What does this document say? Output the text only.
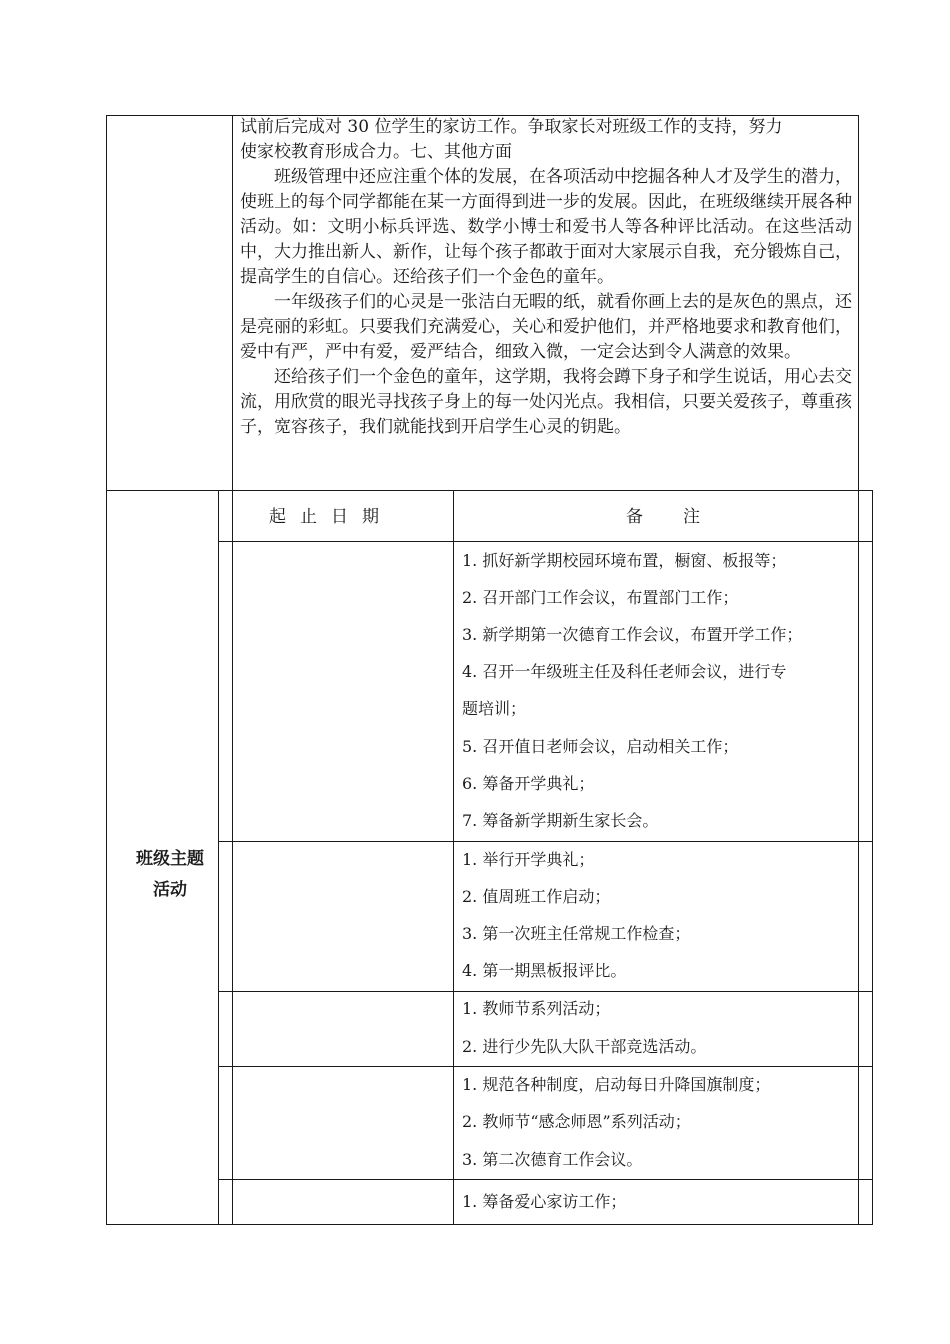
试前后完成对 30 位学生的家访工作。争取家长对班级工作的支持，努力
使家校教育形成合力。七、其他方面

班级管理中还应注重个体的发展，在各项活动中挖掘各种人才及学生的潜力，使班上的每个同学都能在某一方面得到进一步的发展。因此，在班级继续开展各种活动。如：文明小标兵评选、数学小博士和爱书人等各种评比活动。在这些活动中，大力推出新人、新作，让每个孩子都敢于面对大家展示自我，充分锻炼自己，提高学生的自信心。还给孩子们一个金色的童年。

一年级孩子们的心灵是一张洁白无暇的纸，就看你画上去的是灰色的黑点，还是亮丽的彩虹。只要我们充满爱心，关心和爱护他们，并严格地要求和教育他们，爱中有严，严中有爱，爱严结合，细致入微，一定会达到令人满意的效果。

还给孩子们一个金色的童年，这学期，我将会蹲下身子和学生说话，用心去交流，用欣赏的眼光寻找孩子身上的每一处闪光点。我相信，只要关爱孩子，尊重孩子，宽容孩子，我们就能找到开启学生心灵的钥匙。

班级主题
活动
起止日期	备注
1. 抓好新学期校园环境布置，橱窗、板报等；
2. 召开部门工作会议，布置部门工作；
3. 新学期第一次德育工作会议，布置开学工作；
4. 召开一年级班主任及科任老师会议，进行专
题培训；
5. 召开值日老师会议，启动相关工作；
6. 筹备开学典礼；
7. 筹备新学期新生家长会。
1. 举行开学典礼；
2. 值周班工作启动；
3. 第一次班主任常规工作检查；
4. 第一期黑板报评比。
1. 教师节系列活动；
2. 进行少先队大队干部竞选活动。
1. 规范各种制度，启动每日升降国旗制度；
2. 教师节“感念师恩”系列活动；
3. 第二次德育工作会议。
1. 筹备爱心家访工作；
